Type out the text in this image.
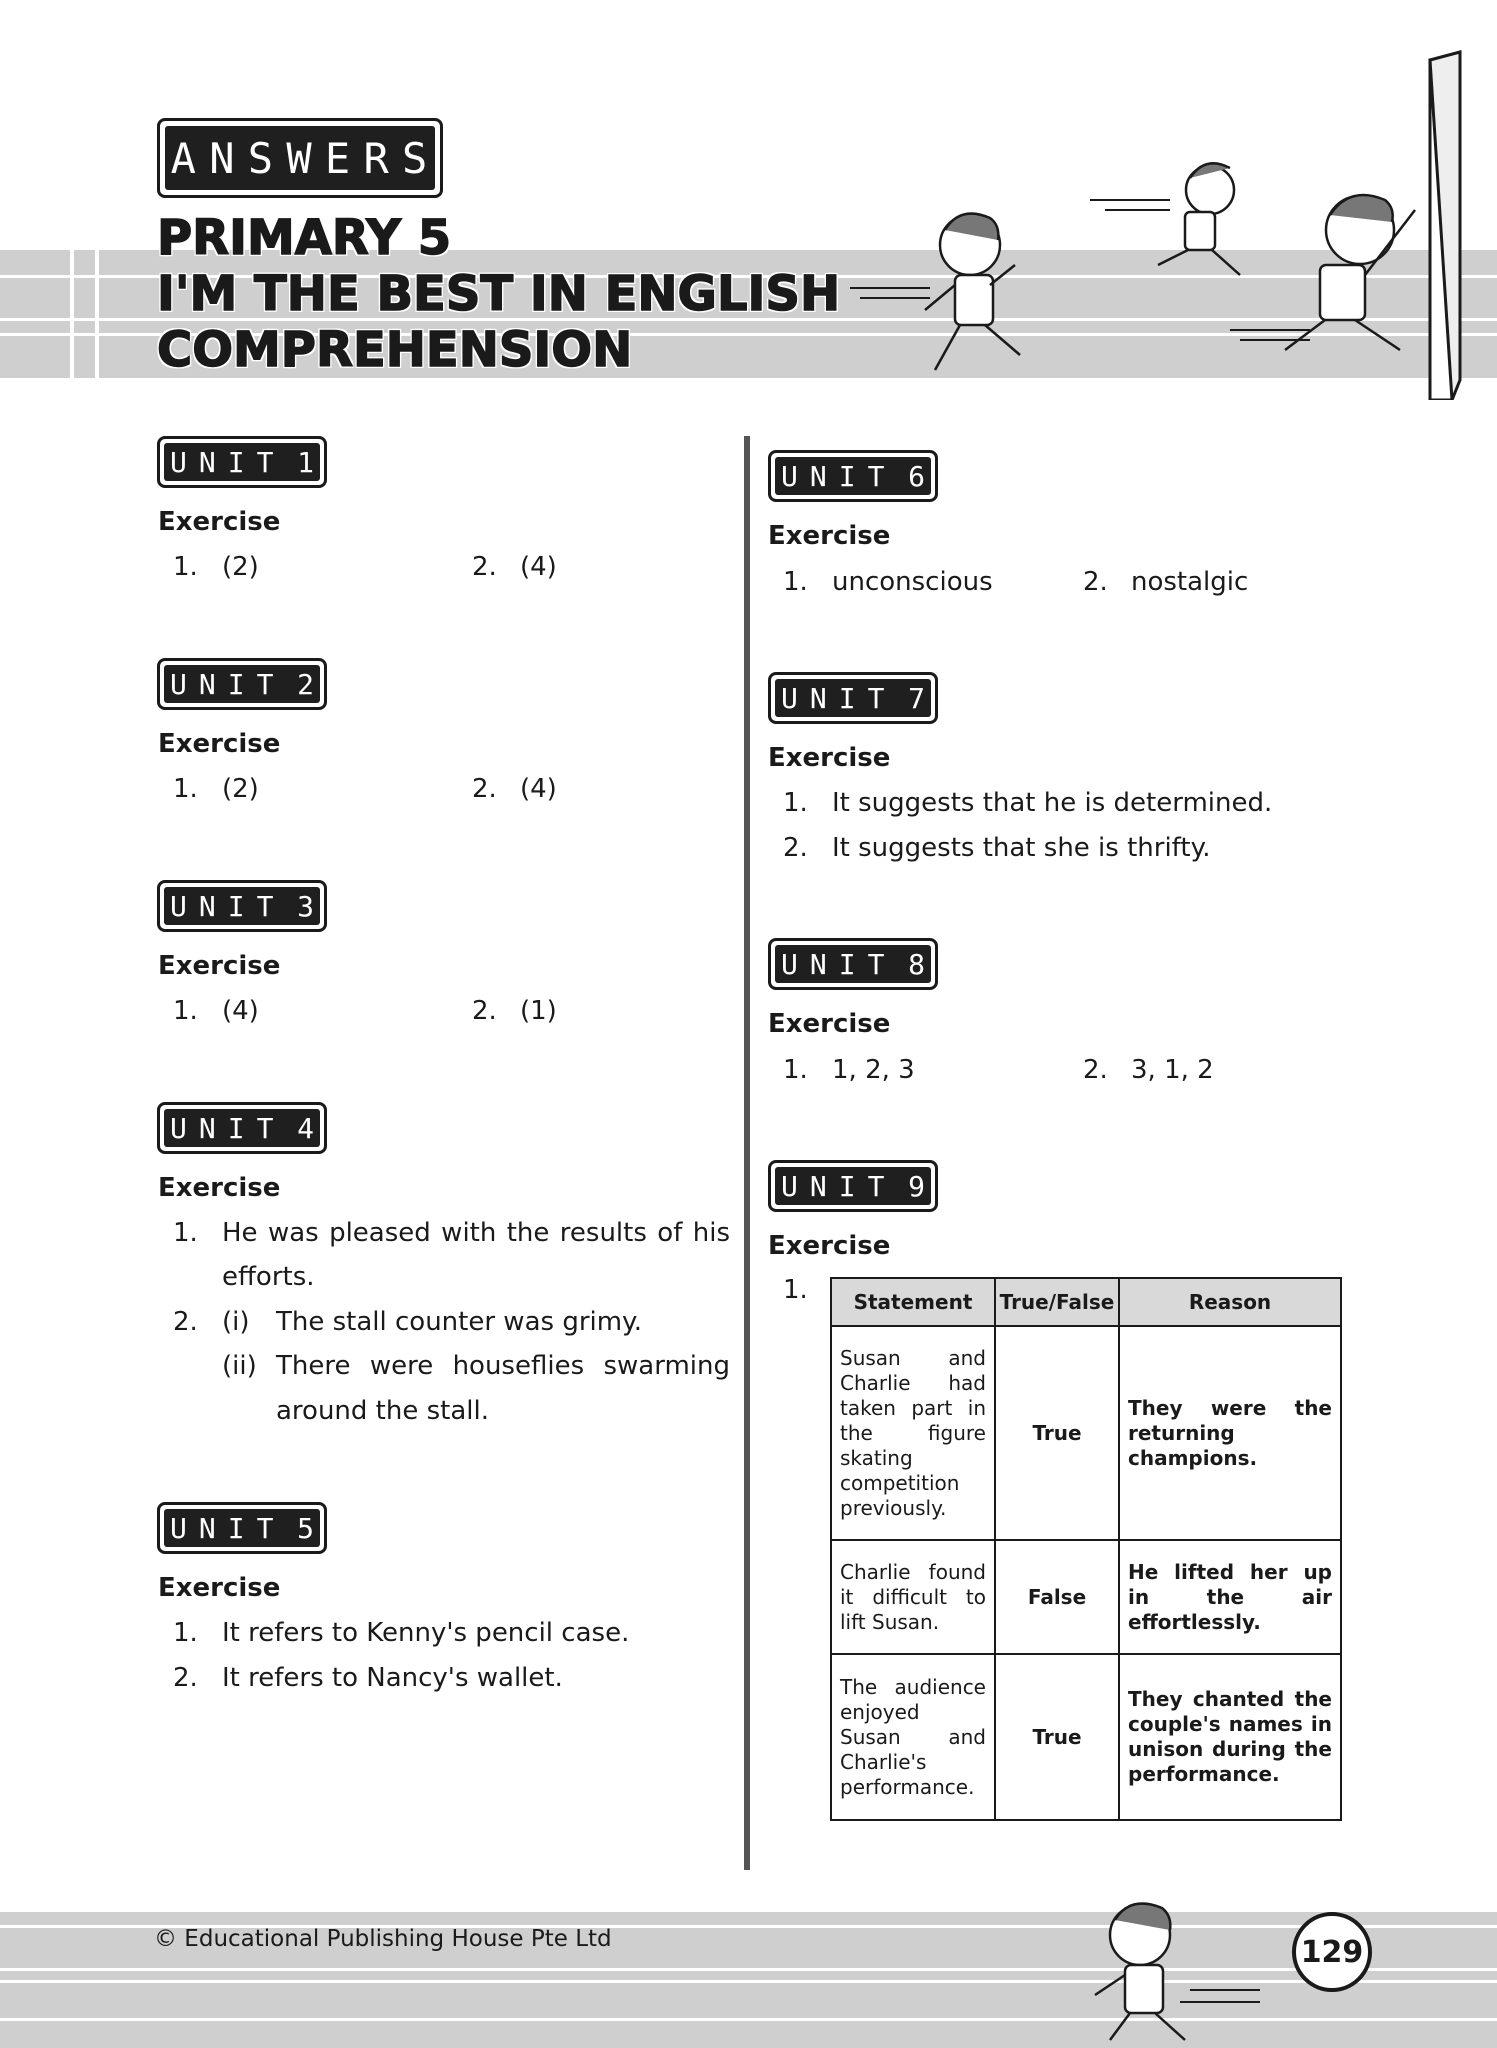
A N S W E R S
PRIMARY 5
I'M THE BEST IN ENGLISH
COMPREHENSION
UNIT 1
Exercise
1. (2)	2. (4)
UNIT 2
Exercise
1. (2)	2. (4)
UNIT 3
Exercise
1. (4)	2. (1)
UNIT 4
Exercise
1. He was pleased with the results of his
efforts.
2. (i) The stall counter was grimy.
(ii) There were houseflies swarming
around the stall.
UNIT 5
Exercise
1. It refers to Kenny's pencil case.
2. It refers to Nancy's wallet.
UNIT 6
Exercise
1. unconscious	2. nostalgic
UNIT 7
Exercise
1. It suggests that he is determined.
2. It suggests that she is thrifty.
UNIT 8
Exercise
1. 1, 2, 3	2. 3, 1, 2
UNIT 9
Exercise
1. Statement	True/False	Reason
Susan and Charlie had taken part in the figure skating competition previously.	True	They were the returning champions.
Charlie found it difficult to lift Susan.	False	He lifted her up in the air effortlessly.
The audience enjoyed Susan and Charlie's performance.	True	They chanted the couple's names in unison during the performance.
© Educational Publishing House Pte Ltd	129
